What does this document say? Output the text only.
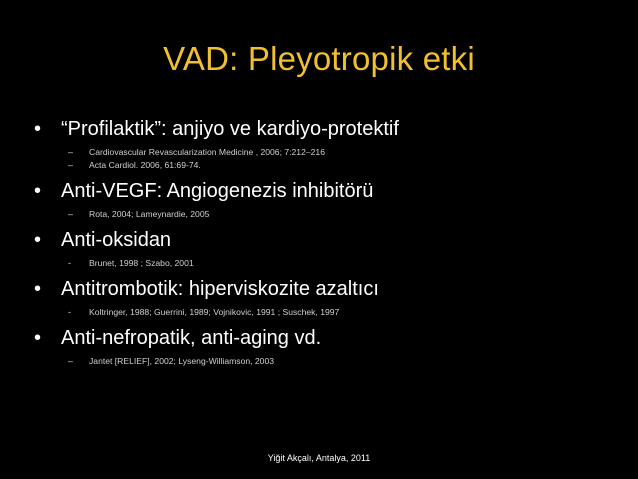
VAD: Pleyotropik etki
• “Profilaktik”: anjiyo ve kardiyo-protektif
–	Cardiovascular Revascularization Medicine , 2006; 7:212–216
–	Acta Cardiol. 2006, 61:69-74.
• Anti-VEGF: Angiogenezis inhibitörü
–	Rota, 2004; Lameynardie, 2005
• Anti-oksidan
-	Brunet, 1998 ; Szabo, 2001
• Antitrombotik: hiperviskozite azaltıcı
-	Koltringer, 1988; Guerrini, 1989; Vojnikovic, 1991 ; Suschek, 1997
• Anti-nefropatik, anti-aging vd.
–	Jantet [RELIEF], 2002; Lyseng-Williamson, 2003
Yiğit Akçalı, Antalya, 2011
